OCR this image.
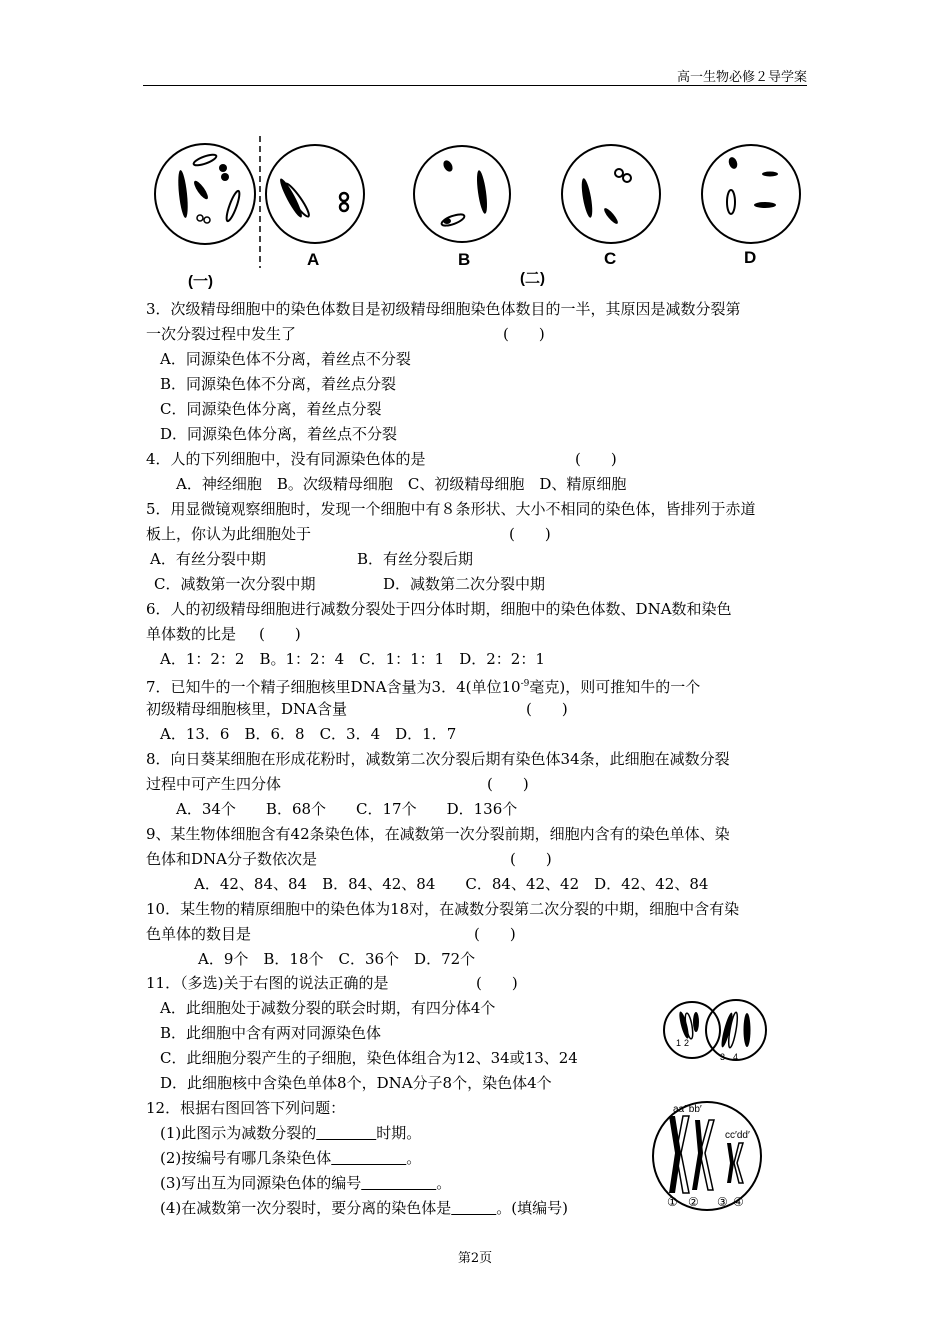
高一生物必修２导学案
(一)
A	B
(二)
C	D
3．次级精母细胞中的染色体数目是初级精母细胞染色体数目的一半，其原因是减数分裂第
一次分裂过程中发生了	(　　)
A．同源染色体不分离，着丝点不分裂
B．同源染色体不分离，着丝点分裂
C．同源染色体分离，着丝点分裂
D．同源染色体分离，着丝点不分裂
4．人的下列细胞中，没有同源染色体的是	(　　)
A．神经细胞　B。次级精母细胞　C、初级精母细胞　D、精原细胞
5．用显微镜观察细胞时，发现一个细胞中有８条形状、大小不相同的染色体，皆排列于赤道
板上，你认为此细胞处于	(　　)
A．有丝分裂中期	B．有丝分裂后期
C．减数第一次分裂中期	D．减数第二次分裂中期
6．人的初级精母细胞进行减数分裂处于四分体时期，细胞中的染色体数、DNA数和染色
单体数的比是 (　　)
A．1：2：2　B。1：2：4　C．1：1：1　D．2：2：1
7．已知牛的一个精子细胞核里DNA含量为3．4(单位$10^{-9}$毫克)，则可推知牛的一个
初级精母细胞核里，DNA含量	(　　)
A．13．6　B．6．8　C．3．4　D．1．7
8．向日葵某细胞在形成花粉时，减数第二次分裂后期有染色体34条，此细胞在减数分裂
过程中可产生四分体	(　　)
A．34个　　B．68个　　C．17个　　D．136个
9、某生物体细胞含有42条染色体，在减数第一次分裂前期，细胞内含有的染色单体、染
色体和DNA分子数依次是	(　　)
A．42、84、84　B．84、42、84　　C．84、42、42　D．42、42、84
10．某生物的精原细胞中的染色体为18对，在减数分裂第二次分裂的中期，细胞中含有染
色单体的数目是	(　　)
A．9个　B．18个　C．36个　D．72个
11．（多选)关于右图的说法正确的是	(　　)
A．此细胞处于减数分裂的联会时期，有四分体4个
B．此细胞中含有两对同源染色体
C．此细胞分裂产生的子细胞，染色体组合为12、34或13、24
D．此细胞核中含染色单体8个，DNA分子8个，染色体4个
1 2
3 4
12．根据右图回答下列问题：
(1)此图示为减数分裂的　　　　	时期。
(2)按编号有哪几条染色体　　　　　	。
(3)写出互为同源染色体的编号　　　　　	。
(4)在减数第一次分裂时，要分离的染色体是　　　	。(填编号)
aa′ bb′
cc′dd′
① ② ③ ④
第2页
